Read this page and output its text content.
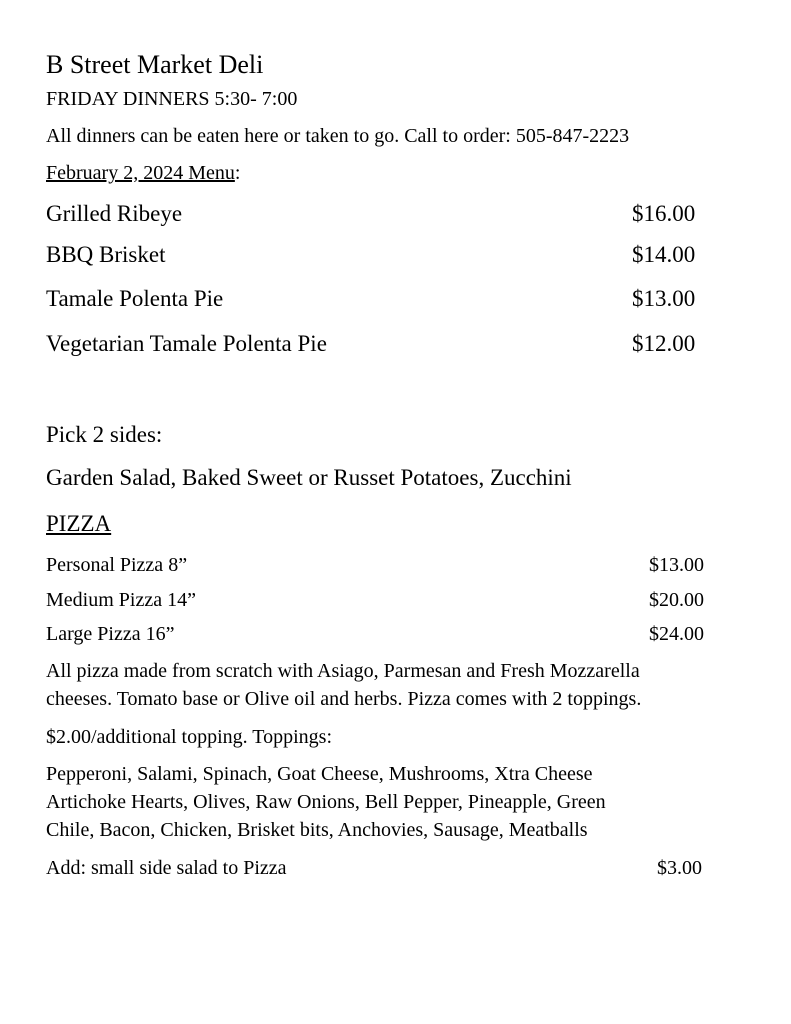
B Street Market Deli
FRIDAY DINNERS 5:30- 7:00
All dinners can be eaten here or taken to go. Call to order: 505-847-2223
February 2, 2024 Menu:
Grilled Ribeye	$16.00
BBQ Brisket	$14.00
Tamale Polenta Pie	$13.00
Vegetarian Tamale Polenta Pie	$12.00
Pick 2 sides:
Garden Salad, Baked Sweet or Russet Potatoes, Zucchini
PIZZA
Personal Pizza 8”	$13.00
Medium Pizza 14”	$20.00
Large Pizza 16”	$24.00
All pizza made from scratch with Asiago, Parmesan and Fresh Mozzarella
cheeses. Tomato base or Olive oil and herbs. Pizza comes with 2 toppings.
$2.00/additional topping. Toppings:
Pepperoni, Salami, Spinach, Goat Cheese, Mushrooms, Xtra Cheese
Artichoke Hearts, Olives, Raw Onions, Bell Pepper, Pineapple, Green
Chile, Bacon, Chicken, Brisket bits, Anchovies, Sausage, Meatballs
Add: small side salad to Pizza	$3.00
